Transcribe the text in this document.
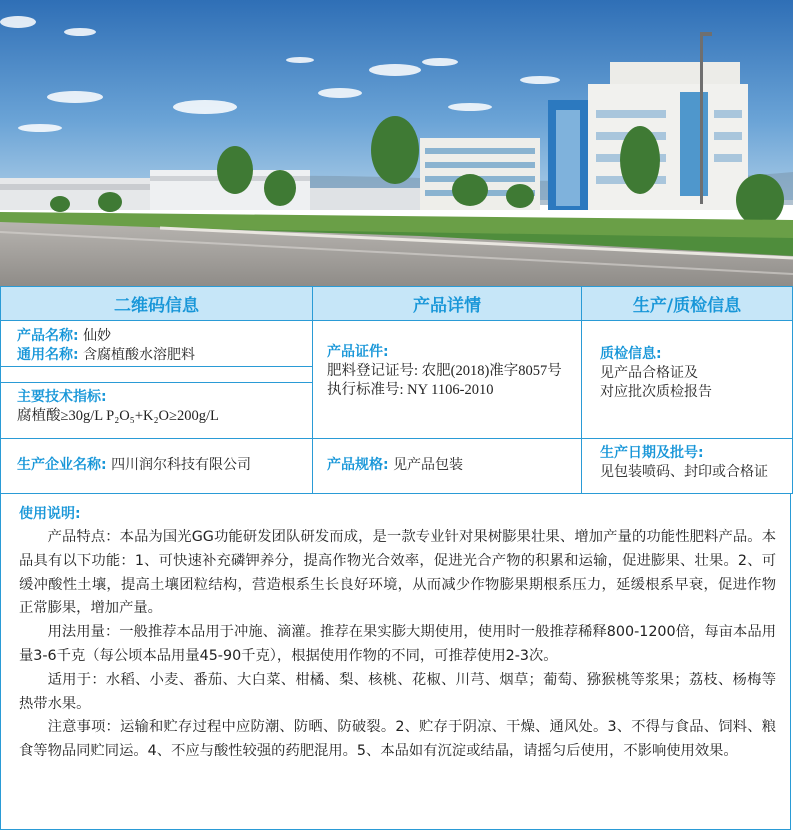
二维码信息	产品详情	生产/质检信息
产品名称: 仙妙
通用名称: 含腐植酸水溶肥料
主要技术指标:
腐植酸≥30g/L P₂O₅+K₂O≥200g/L
生产企业名称: 四川润尔科技有限公司
产品证件:
肥料登记证号: 农肥(2018)准字8057号
执行标准号: NY 1106-2010
产品规格: 见产品包装
质检信息:
见产品合格证及
对应批次质检报告
生产日期及批号:
见包装喷码、封印或合格证
使用说明:

产品特点：本品为国光GG功能研发团队研发而成，是一款专业针对果树膨果壮果、增加产量的功能性肥料产品。本品具有以下功能：1、可快速补充磷钾养分，提高作物光合效率，促进光合产物的积累和运输，促进膨果、壮果。2、可缓冲酸性土壤，提高土壤团粒结构，营造根系生长良好环境，从而减少作物膨果期根系压力，延缓根系早衰，促进作物正常膨果，增加产量。

用法用量：一般推荐本品用于冲施、滴灌。推荐在果实膨大期使用，使用时一般推荐稀释800-1200倍，每亩本品用量3-6千克（每公顷本品用量45-90千克），根据使用作物的不同，可推荐使用2-3次。

适用于：水稻、小麦、番茄、大白菜、柑橘、梨、核桃、花椒、川芎、烟草；葡萄、猕猴桃等浆果；荔枝、杨梅等热带水果。

注意事项：运输和贮存过程中应防潮、防晒、防破裂。2、贮存于阴凉、干燥、通风处。3、不得与食品、饲料、粮食等物品同贮同运。4、不应与酸性较强的药肥混用。5、本品如有沉淀或结晶，请摇匀后使用，不影响使用效果。
